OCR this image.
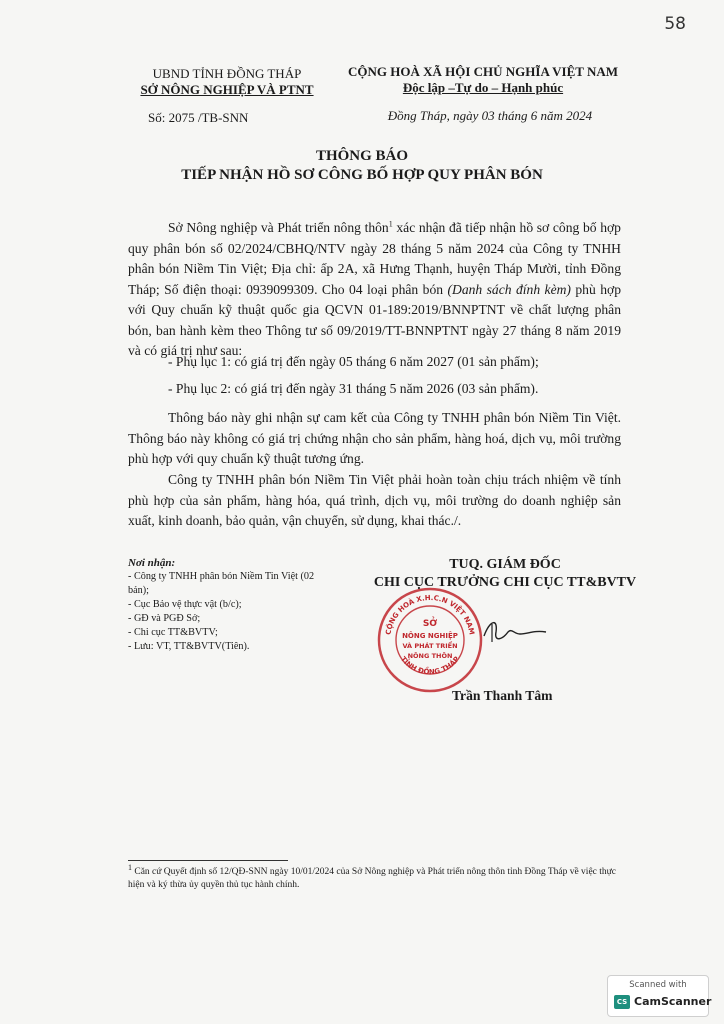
58
UBND TỈNH ĐỒNG THÁP
SỞ NÔNG NGHIỆP VÀ PTNT
CỘNG HOÀ XÃ HỘI CHỦ NGHĨA VIỆT NAM
Độc lập –Tự do – Hạnh phúc
Số: 2075 /TB-SNN	Đồng Tháp, ngày 03 tháng 6 năm 2024
THÔNG BÁO
TIẾP NHẬN HỒ SƠ CÔNG BỐ HỢP QUY PHÂN BÓN

Sở Nông nghiệp và Phát triển nông thôn$^1$ xác nhận đã tiếp nhận hồ sơ công bố hợp quy phân bón số 02/2024/CBHQ/NTV ngày 28 tháng 5 năm 2024 của Công ty TNHH phân bón Niềm Tin Việt; Địa chỉ: ấp 2A, xã Hưng Thạnh, huyện Tháp Mười, tỉnh Đồng Tháp; Số điện thoại: 0939099309. Cho 04 loại phân bón (Danh sách đính kèm) phù hợp với Quy chuẩn kỹ thuật quốc gia QCVN 01-189:2019/BNNPTNT về chất lượng phân bón, ban hành kèm theo Thông tư số 09/2019/TT-BNNPTNT ngày 27 tháng 8 năm 2019 và có giá trị như sau:

- Phụ lục 1: có giá trị đến ngày 05 tháng 6 năm 2027 (01 sản phẩm);

- Phụ lục 2: có giá trị đến ngày 31 tháng 5 năm 2026 (03 sản phẩm).

Thông báo này ghi nhận sự cam kết của Công ty TNHH phân bón Niềm Tin Việt. Thông báo này không có giá trị chứng nhận cho sản phẩm, hàng hoá, dịch vụ, môi trường phù hợp với quy chuẩn kỹ thuật tương ứng.

Công ty TNHH phân bón Niềm Tin Việt phải hoàn toàn chịu trách nhiệm về tính phù hợp của sản phẩm, hàng hóa, quá trình, dịch vụ, môi trường do doanh nghiệp sản xuất, kinh doanh, bảo quản, vận chuyển, sử dụng, khai thác./.

Nơi nhận:
- Công ty TNHH phân bón Niềm Tin Việt (02 bản);
- Cục Bảo vệ thực vật (b/c);
- GĐ và PGĐ Sở;
- Chi cục TT&BVTV;
- Lưu: VT, TT&BVTV(Tiên).
TUQ. GIÁM ĐỐC
CHI CỤC TRƯỞNG CHI CỤC TT&BVTV
CỘNG HOÀ X.H.C.N VIỆT NAM
TỈNH ĐỒNG THÁP
SỞ
NÔNG NGHIỆP
VÀ PHÁT TRIỂN
NÔNG THÔN
Trần Thanh Tâm
$^1$ Căn cứ Quyết định số 12/QĐ-SNN ngày 10/01/2024 của Sở Nông nghiệp và Phát triển nông thôn tỉnh Đồng Tháp về việc thực hiện và ký thừa ủy quyền thủ tục hành chính.
Scanned with
CS CamScanner
